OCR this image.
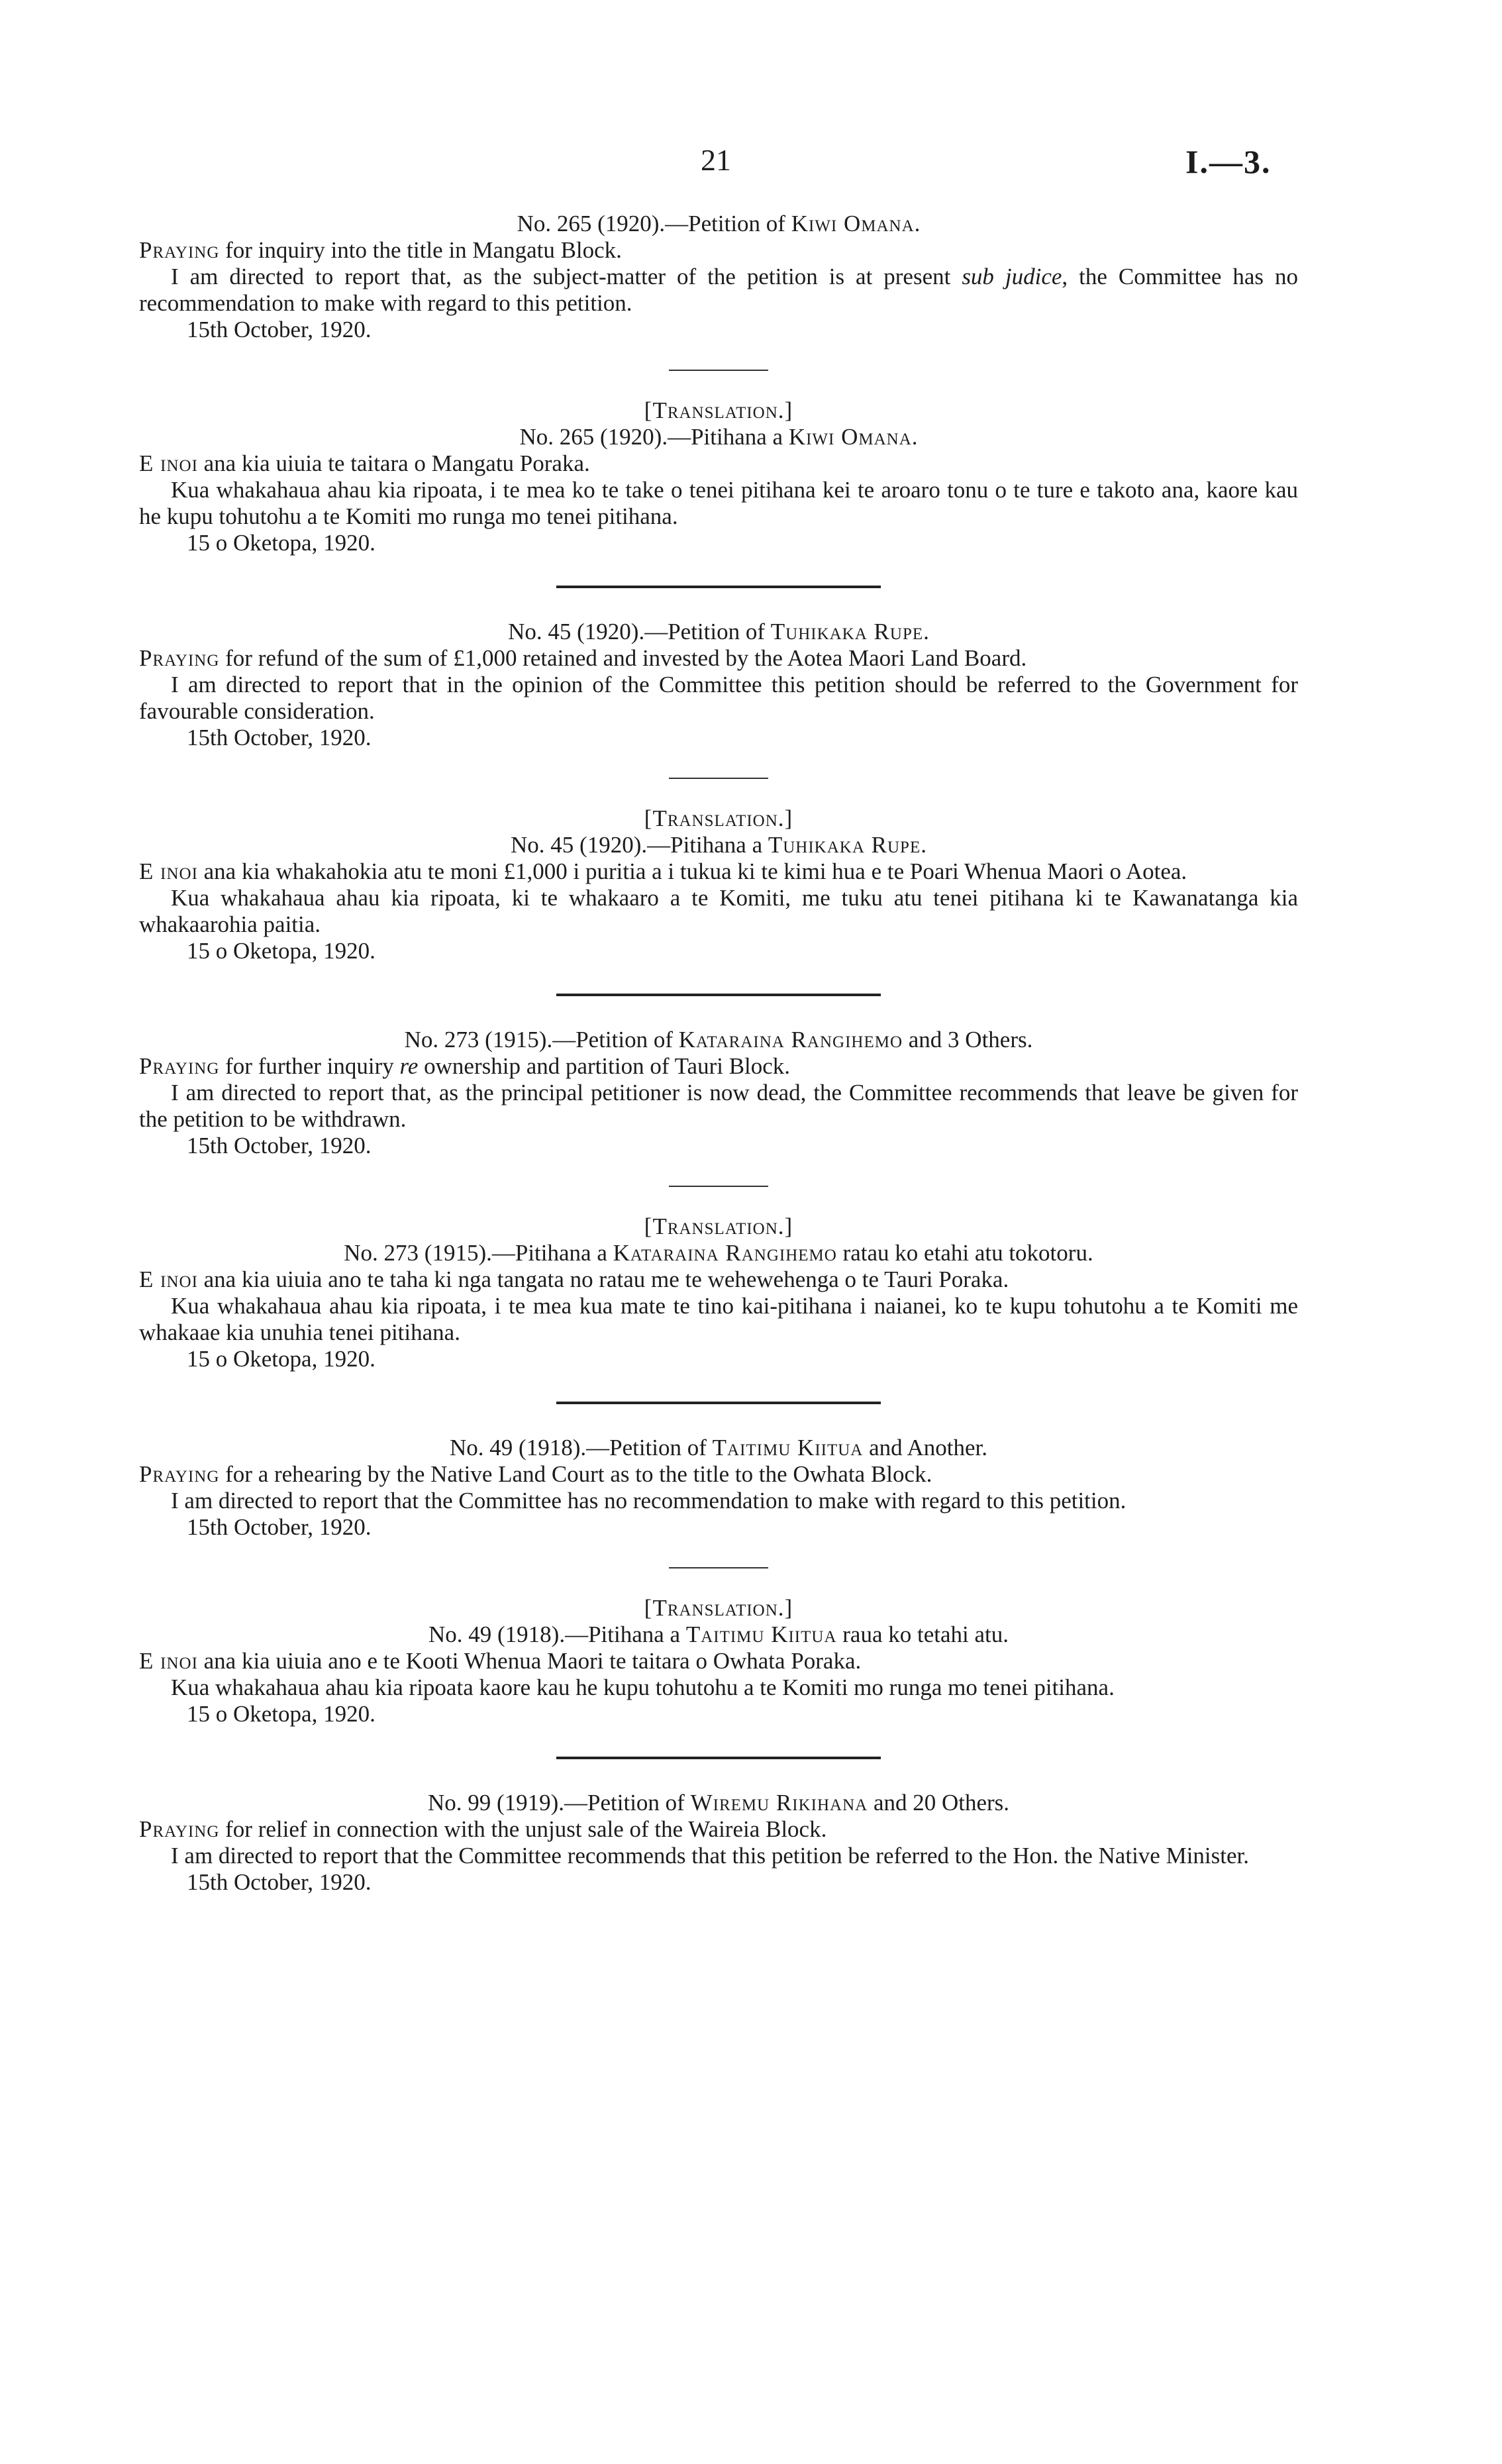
21	I.—3.

No. 265 (1920).—Petition of Kiwi Omana.

Praying for inquiry into the title in Mangatu Block.

I am directed to report that, as the subject-matter of the petition is at present sub judice, the Committee has no recommendation to make with regard to this petition.

15th October, 1920.

[Translation.]

No. 265 (1920).—Pitihana a Kiwi Omana.

E inoi ana kia uiuia te taitara o Mangatu Poraka.

Kua whakahaua ahau kia ripoata, i te mea ko te take o tenei pitihana kei te aroaro tonu o te ture e takoto ana, kaore kau he kupu tohutohu a te Komiti mo runga mo tenei pitihana.

15 o Oketopa, 1920.

No. 45 (1920).—Petition of Tuhikaka Rupe.

Praying for refund of the sum of £1,000 retained and invested by the Aotea Maori Land Board.

I am directed to report that in the opinion of the Committee this petition should be referred to the Government for favourable consideration.

15th October, 1920.

[Translation.]

No. 45 (1920).—Pitihana a Tuhikaka Rupe.

E inoi ana kia whakahokia atu te moni £1,000 i puritia a i tukua ki te kimi hua e te Poari Whenua Maori o Aotea.

Kua whakahaua ahau kia ripoata, ki te whakaaro a te Komiti, me tuku atu tenei pitihana ki te Kawanatanga kia whakaarohia paitia.

15 o Oketopa, 1920.

No. 273 (1915).—Petition of Kataraina Rangihemo and 3 Others.

Praying for further inquiry re ownership and partition of Tauri Block.

I am directed to report that, as the principal petitioner is now dead, the Committee recommends that leave be given for the petition to be withdrawn.

15th October, 1920.

[Translation.]

No. 273 (1915).—Pitihana a Kataraina Rangihemo ratau ko etahi atu tokotoru.

E inoi ana kia uiuia ano te taha ki nga tangata no ratau me te wehewehenga o te Tauri Poraka.

Kua whakahaua ahau kia ripoata, i te mea kua mate te tino kai-pitihana i naianei, ko te kupu tohutohu a te Komiti me whakaae kia unuhia tenei pitihana.

15 o Oketopa, 1920.

No. 49 (1918).—Petition of Taitimu Kiitua and Another.

Praying for a rehearing by the Native Land Court as to the title to the Owhata Block.

I am directed to report that the Committee has no recommendation to make with regard to this petition.

15th October, 1920.

[Translation.]

No. 49 (1918).—Pitihana a Taitimu Kiitua raua ko tetahi atu.

E inoi ana kia uiuia ano e te Kooti Whenua Maori te taitara o Owhata Poraka.

Kua whakahaua ahau kia ripoata kaore kau he kupu tohutohu a te Komiti mo runga mo tenei pitihana.

15 o Oketopa, 1920.

No. 99 (1919).—Petition of Wiremu Rikihana and 20 Others.

Praying for relief in connection with the unjust sale of the Waireia Block.

I am directed to report that the Committee recommends that this petition be referred to the Hon. the Native Minister.

15th October, 1920.
